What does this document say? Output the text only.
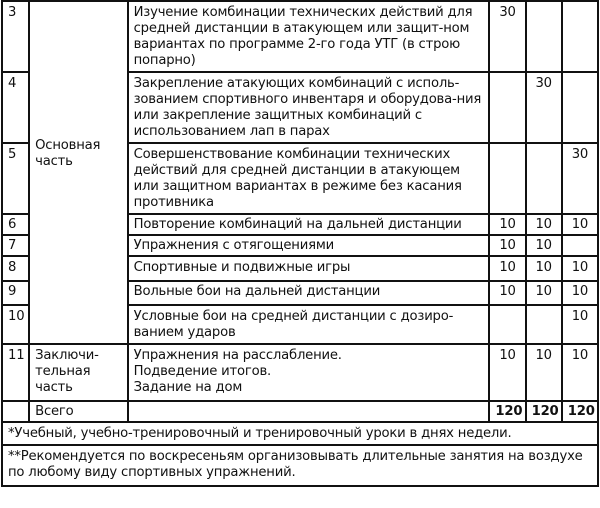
3	Основная часть	Изучение комбинации технических действий для средней дистанции в атакующем или защит-ном вариантах по программе 2-го года УТГ (в строю попарно)	30		
4		Закрепление атакующих комбинаций с исполь-зованием спортивного инвентаря и оборудова-ния или закрепление защитных комбинаций с использованием лап в парах		30	
5		Совершенствование комбинации технических действий для средней дистанции в атакующем или защитном вариантах в режиме без касания противника			30
6		Повторение комбинаций на дальней дистанции	10	10	10
7		Упражнения с отягощениями	10	10	
8		Спортивные и подвижные игры	10	10	10
9		Вольные бои на дальней дистанции	10	10	10
10		Условные бои на средней дистанции с дозиро-ванием ударов			10
11	Заключи-тельная часть	Упражнения на расслабление.
Подведение итогов.
Задание на дом	10	10	10
	Всего		120	120	120
*Учебный, учебно-тренировочный и тренировочный уроки в днях недели.					
**Рекомендуется по воскресеньям организовывать длительные занятия на воздухе по любому виду спортивных упражнений.					
